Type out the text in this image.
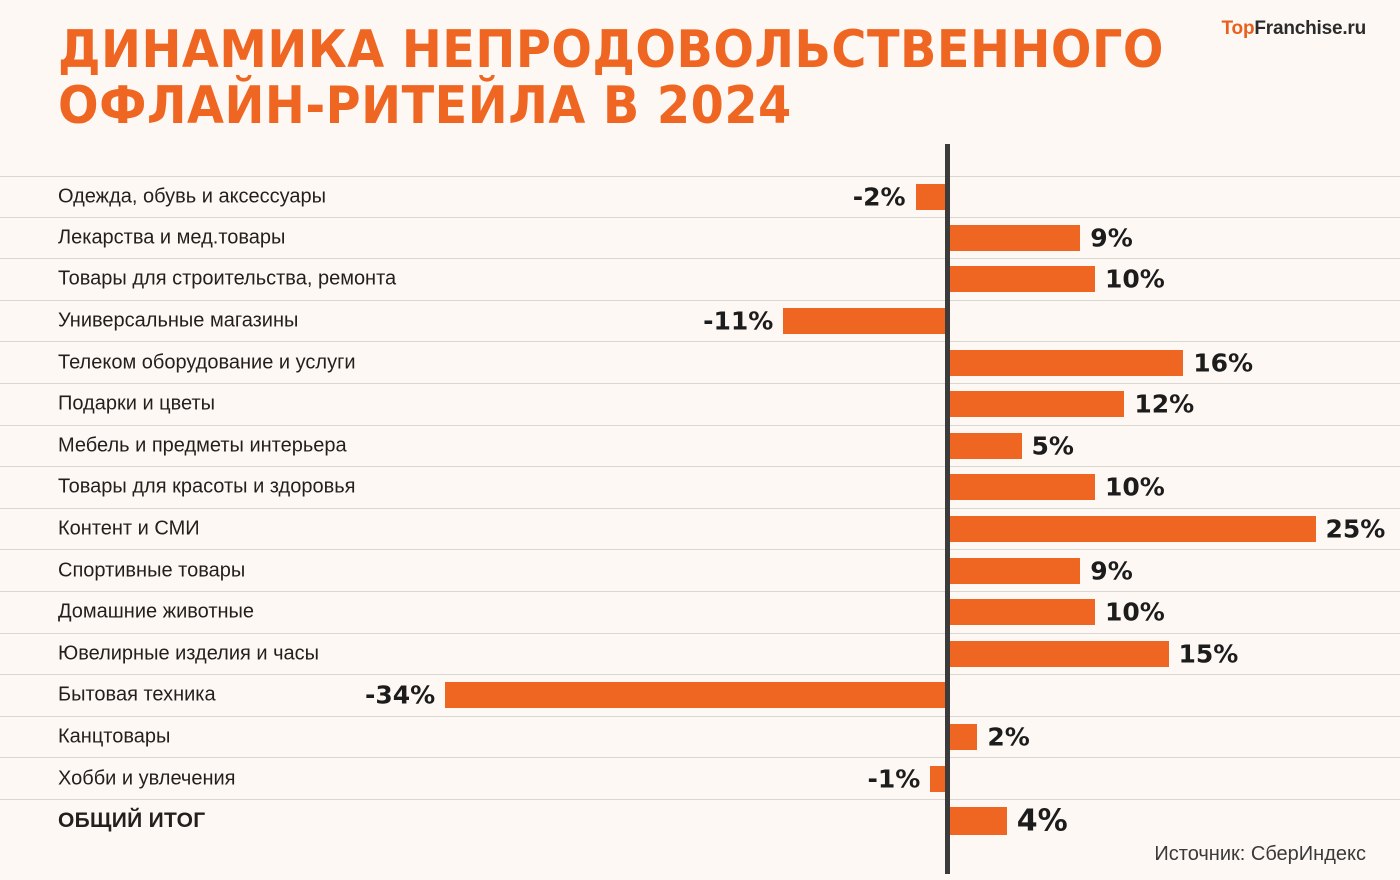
TopFranchise.ru
ДИНАМИКА НЕПРОДОВОЛЬСТВЕННОГО
ОФЛАЙН-РИТЕЙЛА В 2024
Одежда, обувь и аксессуары	-2%
Лекарства и мед.товары	9%
Товары для строительства, ремонта	10%
Универсальные магазины	-11%
Телеком оборудование и услуги	16%
Подарки и цветы	12%
Мебель и предметы интерьера	5%
Товары для красоты и здоровья	10%
Контент и СМИ	25%
Спортивные товары	9%
Домашние животные	10%
Ювелирные изделия и часы	15%
Бытовая техника	-34%
Канцтовары	2%
Хобби и увлечения	-1%
ОБЩИЙ ИТОГ	4%
Источник: СберИндекс
